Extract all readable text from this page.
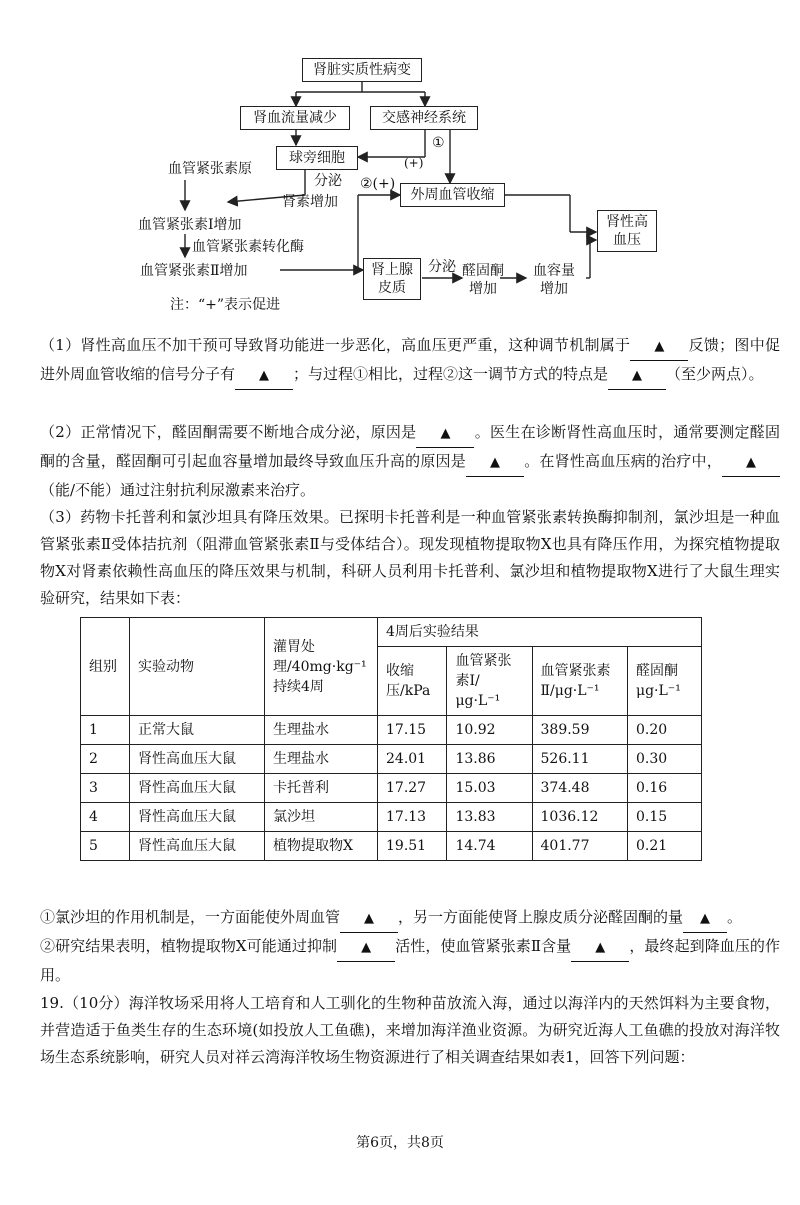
肾脏实质性病变
肾血流量减少	交感神经系统
①
(+)
球旁细胞
血管紧张素原
分泌 ②(+)
肾素增加	外周血管收缩
血管紧张素Ⅰ增加
血管紧张素转化酶
血管紧张素Ⅱ增加	肾上腺皮质
分泌 醛固酮增加
血容量增加
肾性高血压
注：“+”表示促进
（1）肾性高血压不加干预可导致肾功能进一步恶化，高血压更严重，这种调节机制属于 ▲ 反馈；图中促进外周血管收缩的信号分子有 ▲ ；与过程①相比，过程②这一调节方式的特点是 ▲ （至少两点）。
（2）正常情况下，醛固酮需要不断地合成分泌，原因是 ▲ 。医生在诊断肾性高血压时，通常要测定醛固酮的含量，醛固酮可引起血容量增加最终导致血压升高的原因是 ▲ 。在肾性高血压病的治疗中， ▲（能/不能）通过注射抗利尿激素来治疗。
（3）药物卡托普利和氯沙坦具有降压效果。已探明卡托普利是一种血管紧张素转换酶抑制剂，氯沙坦是一种血管紧张素Ⅱ受体拮抗剂（阻滞血管紧张素Ⅱ与受体结合）。现发现植物提取物X也具有降压作用，为探究植物提取物X对肾素依赖性高血压的降压效果与机制，科研人员利用卡托普利、氯沙坦和植物提取物X进行了大鼠生理实验研究，结果如下表：
组别	实验动物	灌胃处理/40mg·kg⁻¹持续4周	4周后实验结果			
			收缩压/kPa	血管紧张素Ⅰ/μg·L⁻¹	血管紧张素Ⅱ/μg·L⁻¹	醛固酮μg·L⁻¹
1	正常大鼠	生理盐水	17.15	10.92	389.59	0.20
2	肾性高血压大鼠	生理盐水	24.01	13.86	526.11	0.30
3	肾性高血压大鼠	卡托普利	17.27	15.03	374.48	0.16
4	肾性高血压大鼠	氯沙坦	17.13	13.83	1036.12	0.15
5	肾性高血压大鼠	植物提取物X	19.51	14.74	401.77	0.21
①氯沙坦的作用机制是，一方面能使外周血管 ▲ ，另一方面能使肾上腺皮质分泌醛固酮的量 ▲ 。
②研究结果表明，植物提取物X可能通过抑制 ▲ 活性，使血管紧张素Ⅱ含量 ▲ ，最终起到降血压的作用。
19.（10分）海洋牧场采用将人工培育和人工驯化的生物种苗放流入海，通过以海洋内的天然饵料为主要食物，并营造适于鱼类生存的生态环境(如投放人工鱼礁)，来增加海洋渔业资源。为研究近海人工鱼礁的投放对海洋牧场生态系统影响，研究人员对祥云湾海洋牧场生物资源进行了相关调查结果如表1，回答下列问题：
第6页，共8页
